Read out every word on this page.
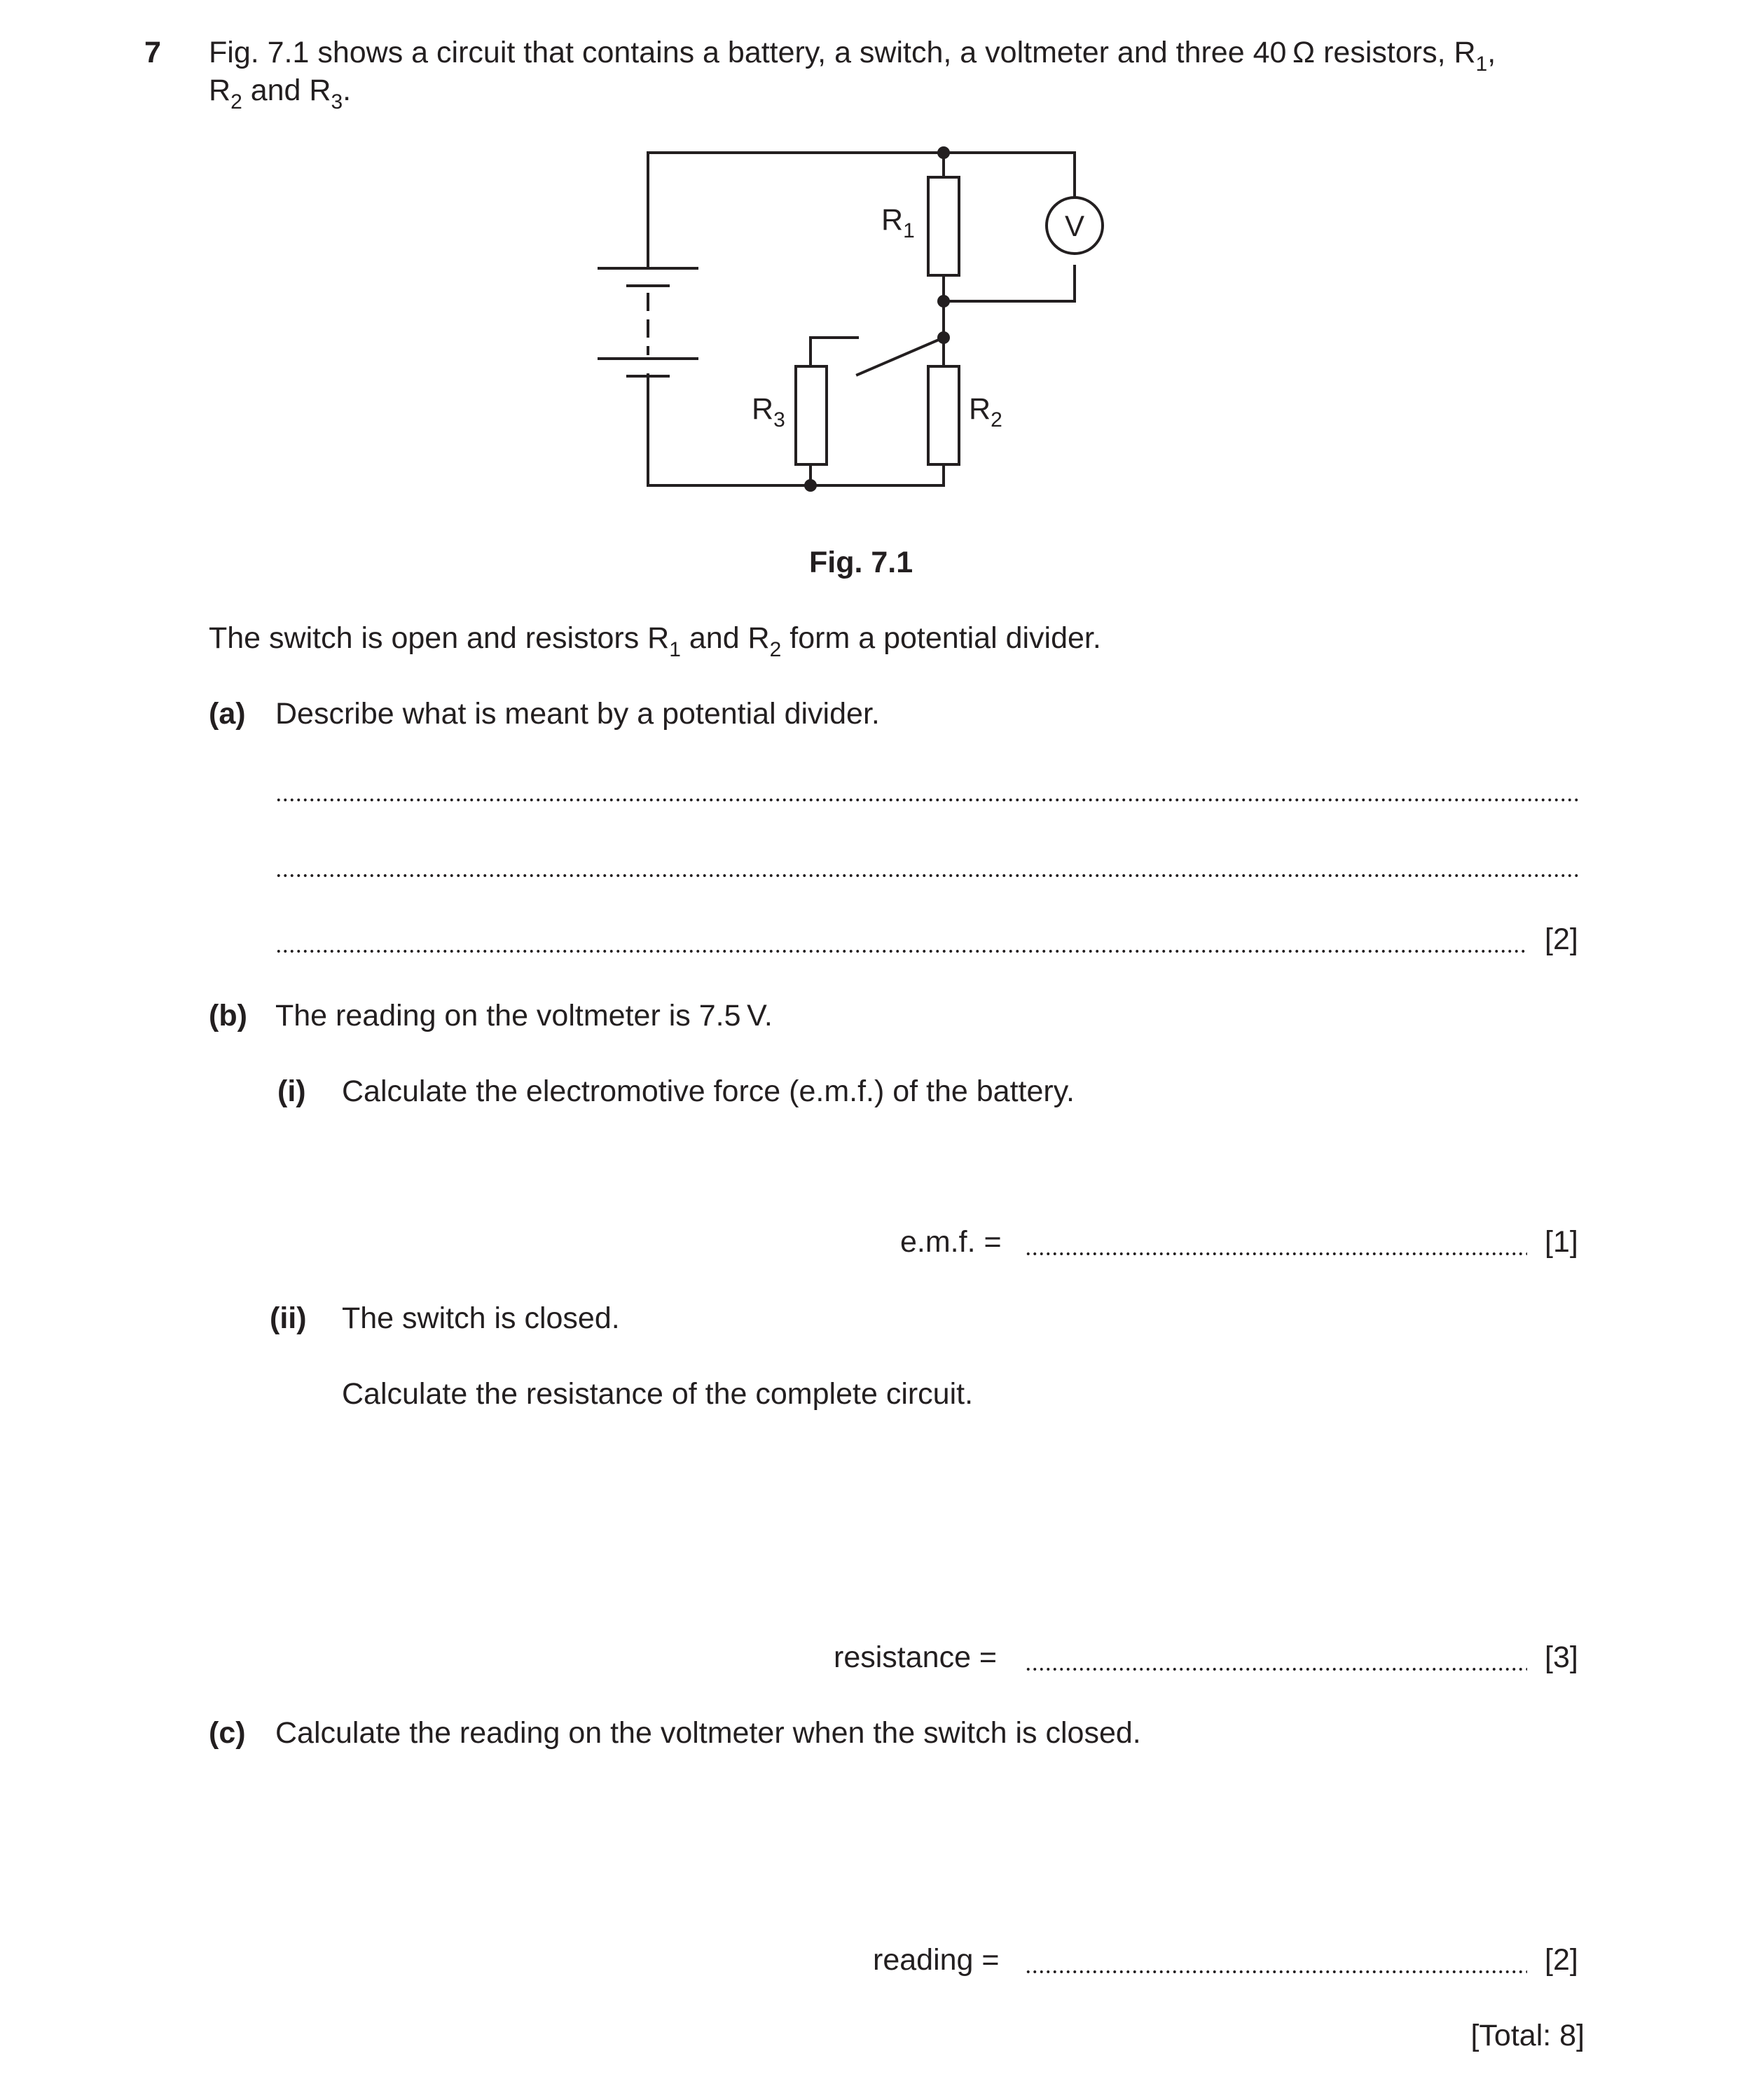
7 Fig. 7.1 shows a circuit that contains a battery, a switch, a voltmeter and three 40 Ω resistors, $R_1$,
$R_2$ and $R_3$.
V
$R_1$
$R_2$
$R_3$
Fig. 7.1
The switch is open and resistors $R_1$ and $R_2$ form a potential divider.
(a) Describe what is meant by a potential divider.
[2]
(b) The reading on the voltmeter is 7.5 V.
(i) Calculate the electromotive force (e.m.f.) of the battery.
e.m.f. =	[1]
(ii) The switch is closed.
Calculate the resistance of the complete circuit.
resistance =	[3]
(c) Calculate the reading on the voltmeter when the switch is closed.
reading =	[2]
[Total: 8]
